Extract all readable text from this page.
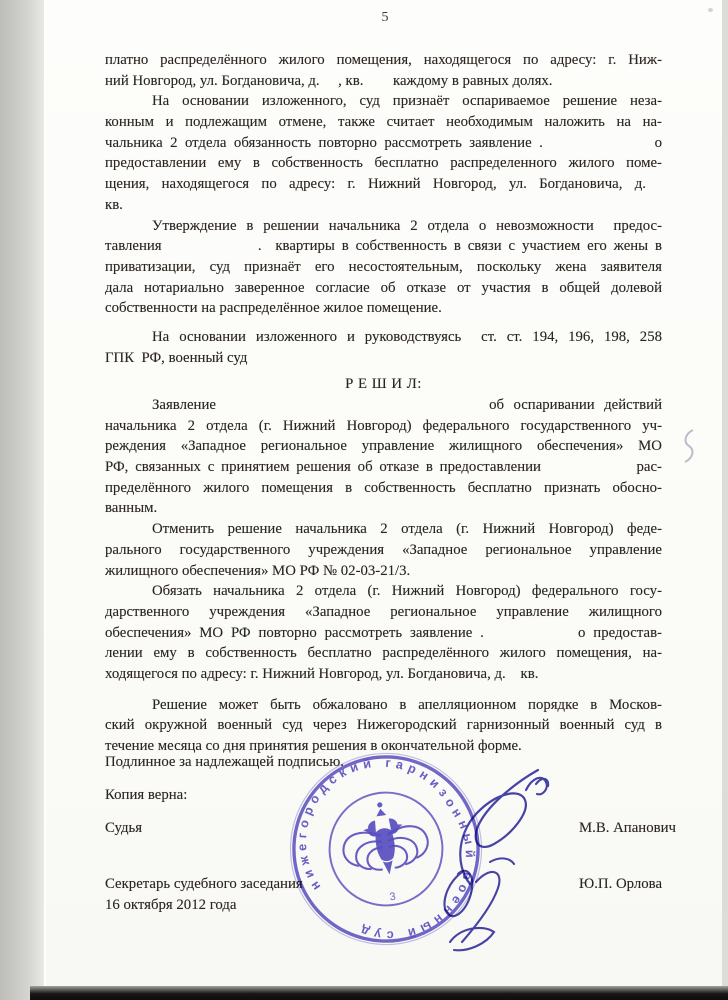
5
платно распределённого жилого помещения, находящегося по адресу: г. Ниж-
ний Новгород, ул. Богдановича, д.     , кв.        каждому в равных долях.
На основании изложенного, суд признаёт оспариваемое решение неза-
конным и подлежащим отмене, также считает необходимым наложить на на-
чальника 2 отдела обязанность повторно рассмотреть заявление .               о
предоставлении ему в собственность бесплатно распределенного жилого поме-
щения, находящегося по адресу: г. Нижний Новгород, ул. Богдановича, д.
кв.
Утверждение в решении начальника 2 отдела о невозможности  предос-
тавления              .  квартиры в собственность в связи с участием его жены в
приватизации, суд признаёт его несостоятельным, поскольку жена заявителя
дала нотариально заверенное согласие об отказе от участия в общей долевой
собственности на распределённое жилое помещение.
На основании изложенного и руководствуясь  ст. ст. 194, 196, 198, 258
ГПК  РФ, военный суд
Р Е Ш И Л:
Заявление                             об оспаривании действий
начальника 2 отдела (г. Нижний Новгород) федерального государственного уч-
реждения «Западное региональное управление жилищного обеспечения» МО
РФ, связанных с принятием решения об отказе в предоставлении              рас-
пределённого жилого помещения в собственность бесплатно признать обосно-
ванным.
Отменить решение начальника 2 отдела (г. Нижний Новгород) феде-
рального государственного учреждения «Западное региональное управление
жилищного обеспечения» МО РФ № 02-03-21/3.
Обязать начальника 2 отдела (г. Нижний Новгород) федерального госу-
дарственного учреждения «Западное региональное управление жилищного
обеспечения» МО РФ повторно рассмотреть заявление .            о предостав-
лении ему в собственность бесплатно распределённого жилого помещения, на-
ходящегося по адресу: г. Нижний Новгород, ул. Богдановича, д.    кв.
Решение может быть обжаловано в апелляционном порядке в Москов-
ский окружной военный суд через Нижегородский гарнизонный военный суд в
течение месяца со дня принятия решения в окончательной форме.
Подлинное за надлежащей подписью.
Копия верна:
Судья	М.В. Апанович
Секретарь судебного заседания	Ю.П. Орлова
16 октября 2012 года
нижегородский гарнизонный военный суд
3
